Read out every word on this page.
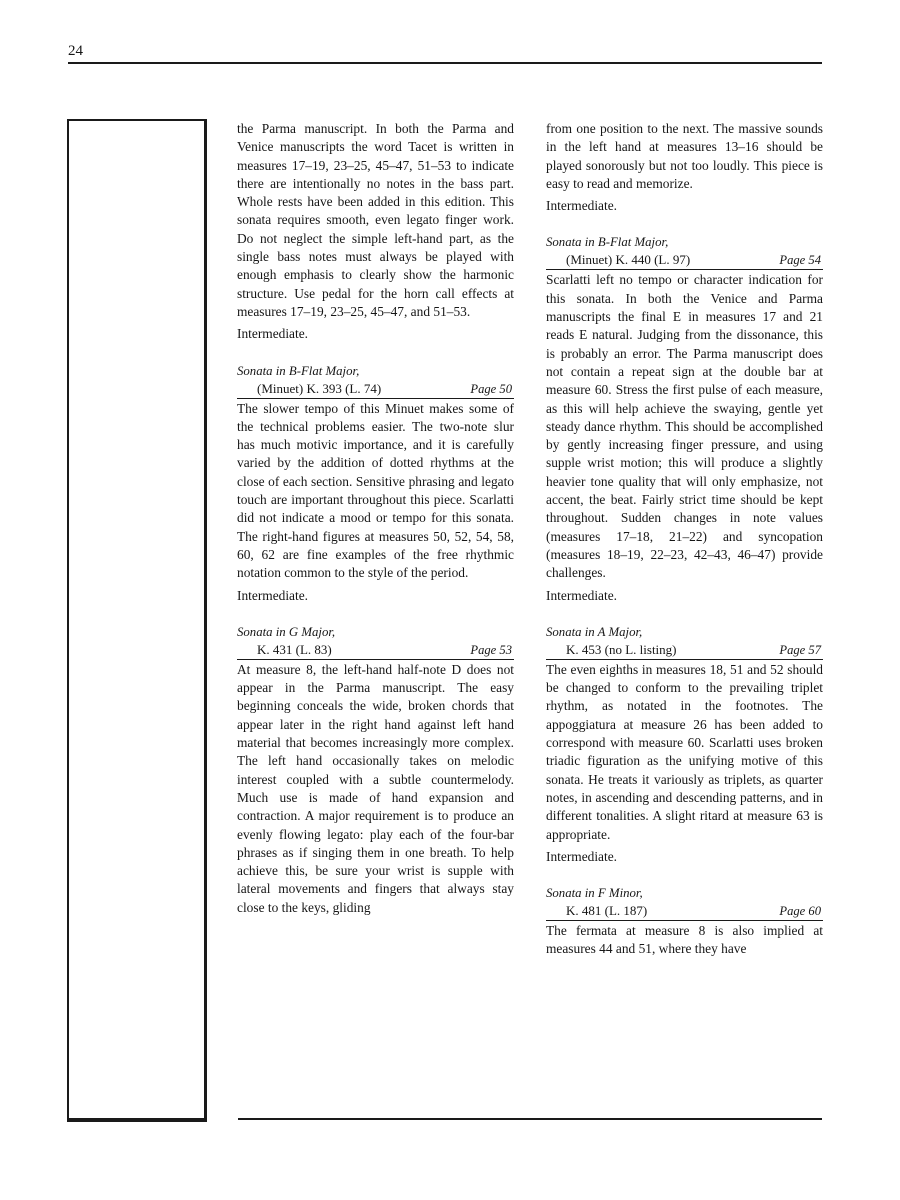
24

the Parma manuscript. In both the Parma and Venice manuscripts the word Tacet is written in measures 17–19, 23–25, 45–47, 51–53 to indicate there are intentionally no notes in the bass part. Whole rests have been added in this edition. This sonata requires smooth, even legato finger work. Do not neglect the simple left-hand part, as the single bass notes must always be played with enough emphasis to clearly show the harmonic structure. Use pedal for the horn call effects at measures 17–19, 23–25, 45–47, and 51–53.

Intermediate.

Sonata in B-Flat Major,
(Minuet) K. 393 (L. 74)	Page 50

The slower tempo of this Minuet makes some of the technical problems easier. The two-note slur has much motivic importance, and it is carefully varied by the addition of dotted rhythms at the close of each section. Sensitive phrasing and legato touch are important throughout this piece. Scarlatti did not indicate a mood or tempo for this sonata. The right-hand figures at measures 50, 52, 54, 58, 60, 62 are fine examples of the free rhythmic notation common to the style of the period.

Intermediate.

Sonata in G Major,
K. 431 (L. 83)	Page 53

At measure 8, the left-hand half-note D does not appear in the Parma manuscript. The easy beginning conceals the wide, broken chords that appear later in the right hand against left hand material that becomes increasingly more complex. The left hand occasionally takes on melodic interest coupled with a subtle countermelody. Much use is made of hand expansion and contraction. A major requirement is to produce an evenly flowing legato: play each of the four-bar phrases as if singing them in one breath. To help achieve this, be sure your wrist is supple with lateral movements and fingers that always stay close to the keys, gliding

from one position to the next. The massive sounds in the left hand at measures 13–16 should be played sonorously but not too loudly. This piece is easy to read and memorize.

Intermediate.

Sonata in B-Flat Major,
(Minuet) K. 440 (L. 97)	Page 54

Scarlatti left no tempo or character indication for this sonata. In both the Venice and Parma manuscripts the final E in measures 17 and 21 reads E natural. Judging from the dissonance, this is probably an error. The Parma manuscript does not contain a repeat sign at the double bar at measure 60. Stress the first pulse of each measure, as this will help achieve the swaying, gentle yet steady dance rhythm. This should be accomplished by gently increasing finger pressure, and using supple wrist motion; this will produce a slightly heavier tone quality that will only emphasize, not accent, the beat. Fairly strict time should be kept throughout. Sudden changes in note values (measures 17–18, 21–22) and syncopation (measures 18–19, 22–23, 42–43, 46–47) provide challenges.

Intermediate.

Sonata in A Major,
K. 453 (no L. listing)	Page 57

The even eighths in measures 18, 51 and 52 should be changed to conform to the prevailing triplet rhythm, as notated in the footnotes. The appoggiatura at measure 26 has been added to correspond with measure 60. Scarlatti uses broken triadic figuration as the unifying motive of this sonata. He treats it variously as triplets, as quarter notes, in ascending and descending patterns, and in different tonalities. A slight ritard at measure 63 is appropriate.

Intermediate.

Sonata in F Minor,
K. 481 (L. 187)	Page 60

The fermata at measure 8 is also implied at measures 44 and 51, where they have
